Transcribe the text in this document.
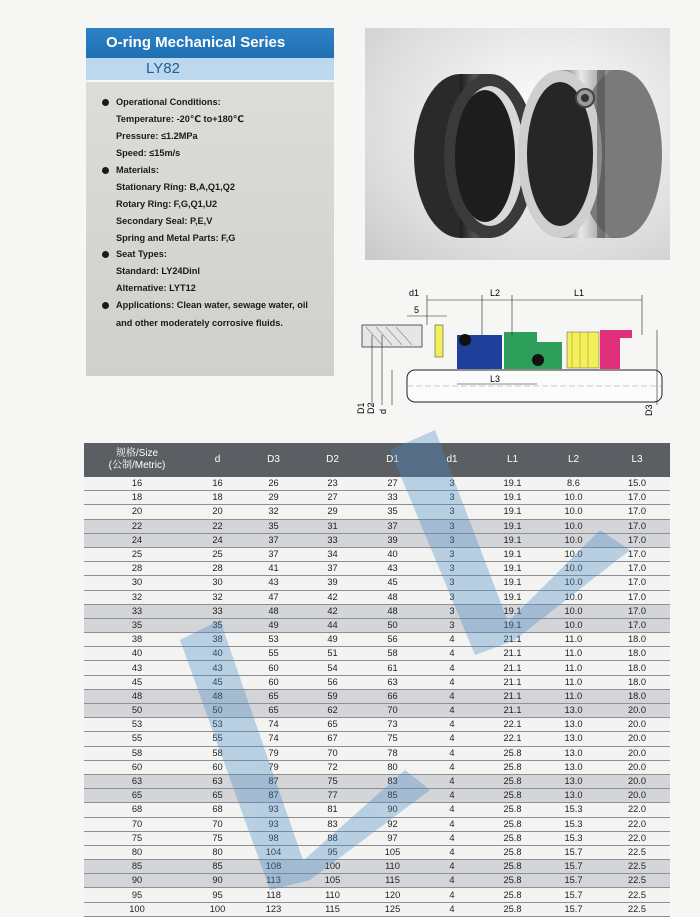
O-ring Mechanical Series
LY82
Operational Conditions:
Temperature: -20℃ to+180℃
Pressure: ≤1.2MPa
Speed: ≤15m/s
Materials:
Stationary Ring: B,A,Q1,Q2
Rotary Ring: F,G,Q1,U2
Secondary Seal: P,E,V
Spring and Metal Parts: F,G
Seat Types:
Standard: LY24Dinl
Alternative: LYT12
Applications: Clean water, sewage water, oil
and other moderately corrosive fluids.
d1	L2	L1
5
L3
D1 D2 d	D3
规格/Size
(公制/Metric)	d	D3	D2	D1	d1	L1	L2	L3
16	16	26	23	27	3	19.1	8.6	15.0
18	18	29	27	33	3	19.1	10.0	17.0
20	20	32	29	35	3	19.1	10.0	17.0
22	22	35	31	37	3	19.1	10.0	17.0
24	24	37	33	39	3	19.1	10.0	17.0
25	25	37	34	40	3	19.1	10.0	17.0
28	28	41	37	43	3	19.1	10.0	17.0
30	30	43	39	45	3	19.1	10.0	17.0
32	32	47	42	48	3	19.1	10.0	17.0
33	33	48	42	48	3	19.1	10.0	17.0
35	35	49	44	50	3	19.1	10.0	17.0
38	38	53	49	56	4	21.1	11.0	18.0
40	40	55	51	58	4	21.1	11.0	18.0
43	43	60	54	61	4	21.1	11.0	18.0
45	45	60	56	63	4	21.1	11.0	18.0
48	48	65	59	66	4	21.1	11.0	18.0
50	50	65	62	70	4	21.1	13.0	20.0
53	53	74	65	73	4	22.1	13.0	20.0
55	55	74	67	75	4	22.1	13.0	20.0
58	58	79	70	78	4	25.8	13.0	20.0
60	60	79	72	80	4	25.8	13.0	20.0
63	63	87	75	83	4	25.8	13.0	20.0
65	65	87	77	85	4	25.8	13.0	20.0
68	68	93	81	90	4	25.8	15.3	22.0
70	70	93	83	92	4	25.8	15.3	22.0
75	75	98	88	97	4	25.8	15.3	22.0
80	80	104	95	105	4	25.8	15.7	22.5
85	85	108	100	110	4	25.8	15.7	22.5
90	90	113	105	115	4	25.8	15.7	22.5
95	95	118	110	120	4	25.8	15.7	22.5
100	100	123	115	125	4	25.8	15.7	22.5
